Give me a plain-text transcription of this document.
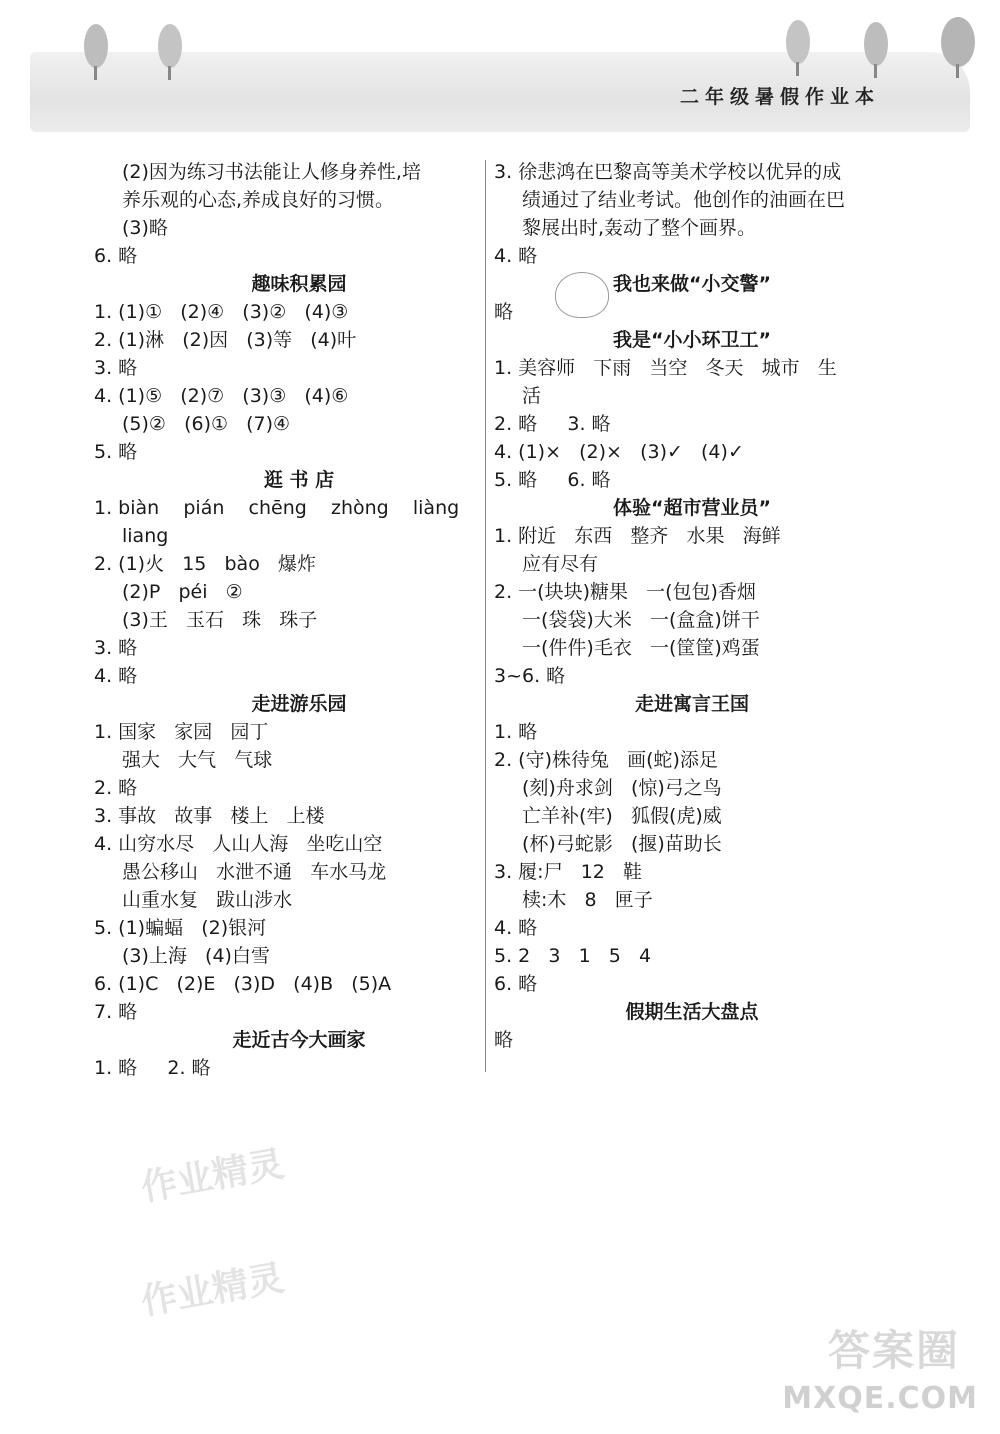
二年级暑假作业本
(2)因为练习书法能让人修身养性,培
养乐观的心态,养成良好的习惯。
(3)略
6. 略
趣味积累园
1. (1)①   (2)④   (3)②   (4)③
2. (1)淋   (2)因   (3)等   (4)叶
3. 略
4. (1)⑤   (2)⑦   (3)③   (4)⑥
(5)②   (6)①   (7)④
5. 略
逛 书 店
1. biàn    pián    chēng    zhòng    liàng
liang
2. (1)火   15   bào   爆炸
(2)P   péi   ②
(3)王   玉石   珠   珠子
3. 略
4. 略
走进游乐园
1. 国家   家园   园丁
强大   大气   气球
2. 略
3. 事故   故事   楼上   上楼
4. 山穷水尽   人山人海   坐吃山空
愚公移山   水泄不通   车水马龙
山重水复   跋山涉水
5. (1)蝙蝠   (2)银河
(3)上海   (4)白雪
6. (1)C   (2)E   (3)D   (4)B   (5)A
7. 略
走近古今大画家
1. 略     2. 略
3. 徐悲鸿在巴黎高等美术学校以优异的成
绩通过了结业考试。他创作的油画在巴
黎展出时,轰动了整个画界。
4. 略
我也来做“小交警”
略
我是“小小环卫工”
1. 美容师   下雨   当空   冬天   城市   生
活
2. 略     3. 略
4. (1)×   (2)×   (3)✓   (4)✓
5. 略     6. 略
体验“超市营业员”
1. 附近   东西   整齐   水果   海鲜
应有尽有
2. 一(块块)糖果   一(包包)香烟
一(袋袋)大米   一(盒盒)饼干
一(件件)毛衣   一(筐筐)鸡蛋
3~6. 略
走进寓言王国
1. 略
2. (守)株待兔   画(蛇)添足
(刻)舟求剑   (惊)弓之鸟
亡羊补(牢)   狐假(虎)威
(杯)弓蛇影   (揠)苗助长
3. 履:尸   12   鞋
椟:木   8   匣子
4. 略
5. 2   3   1   5   4
6. 略
假期生活大盘点
略
作业精灵
作业精灵
答案圈
MXQE.COM
